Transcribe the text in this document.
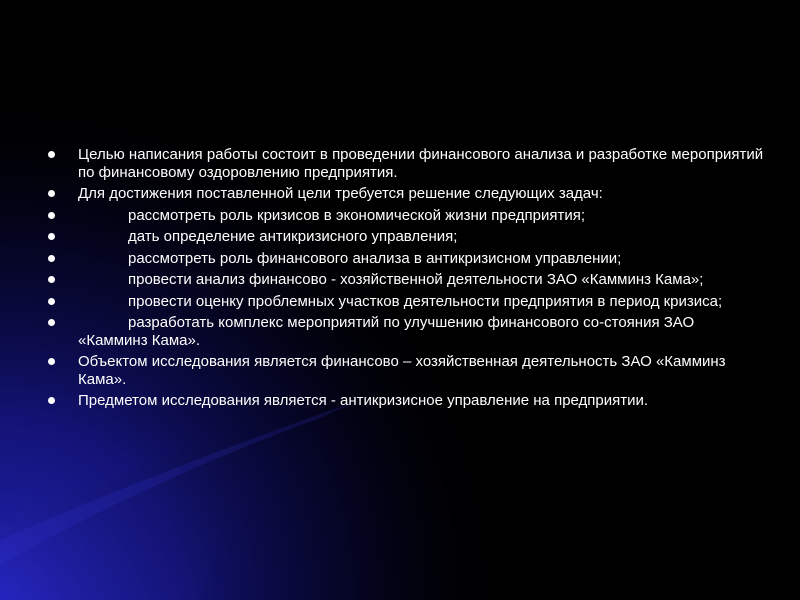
Целью написания работы состоит в проведении финансового анализа и разработке мероприятий по финансовому оздоровлению предприятия.
Для достижения поставленной цели требуется решение следующих задач:
рассмотреть роль кризисов в экономической жизни предприятия;
дать определение антикризисного управления;
рассмотреть роль финансового анализа в антикризисном управлении;
провести анализ финансово - хозяйственной деятельности ЗАО «Камминз Кама»;
провести оценку проблемных участков деятельности предприятия в период кризиса;
разработать комплекс мероприятий по улучшению финансового со-стояния ЗАО «Камминз Кама».
Объектом исследования является финансово – хозяйственная деятельность ЗАО «Камминз Кама».
Предметом исследования является - антикризисное управление на предприятии.
